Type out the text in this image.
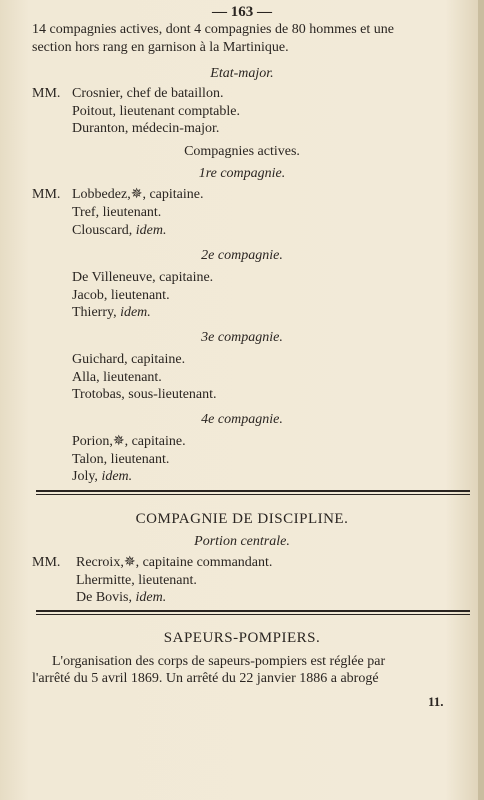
— 163 —
14 compagnies actives, dont 4 compagnies de 80 hommes et une
section hors rang en garnison à la Martinique.
Etat-major.
MM. Crosnier, chef de bataillon.
Poitout, lieutenant comptable.
Duranton, médecin-major.
Compagnies actives.
1re compagnie.
MM. Lobbedez,✵, capitaine.
Tref, lieutenant.
Clouscard, idem.
2e compagnie.
De Villeneuve, capitaine.
Jacob, lieutenant.
Thierry, idem.
3e compagnie.
Guichard, capitaine.
Alla, lieutenant.
Trotobas, sous-lieutenant.
4e compagnie.
Porion,✵, capitaine.
Talon, lieutenant.
Joly, idem.
COMPAGNIE DE DISCIPLINE.
Portion centrale.
MM. Recroix,✵, capitaine commandant.
Lhermitte, lieutenant.
De Bovis, idem.
SAPEURS-POMPIERS.
L'organisation des corps de sapeurs-pompiers est réglée par
l'arrêté du 5 avril 1869. Un arrêté du 22 janvier 1886 a abrogé
11.
